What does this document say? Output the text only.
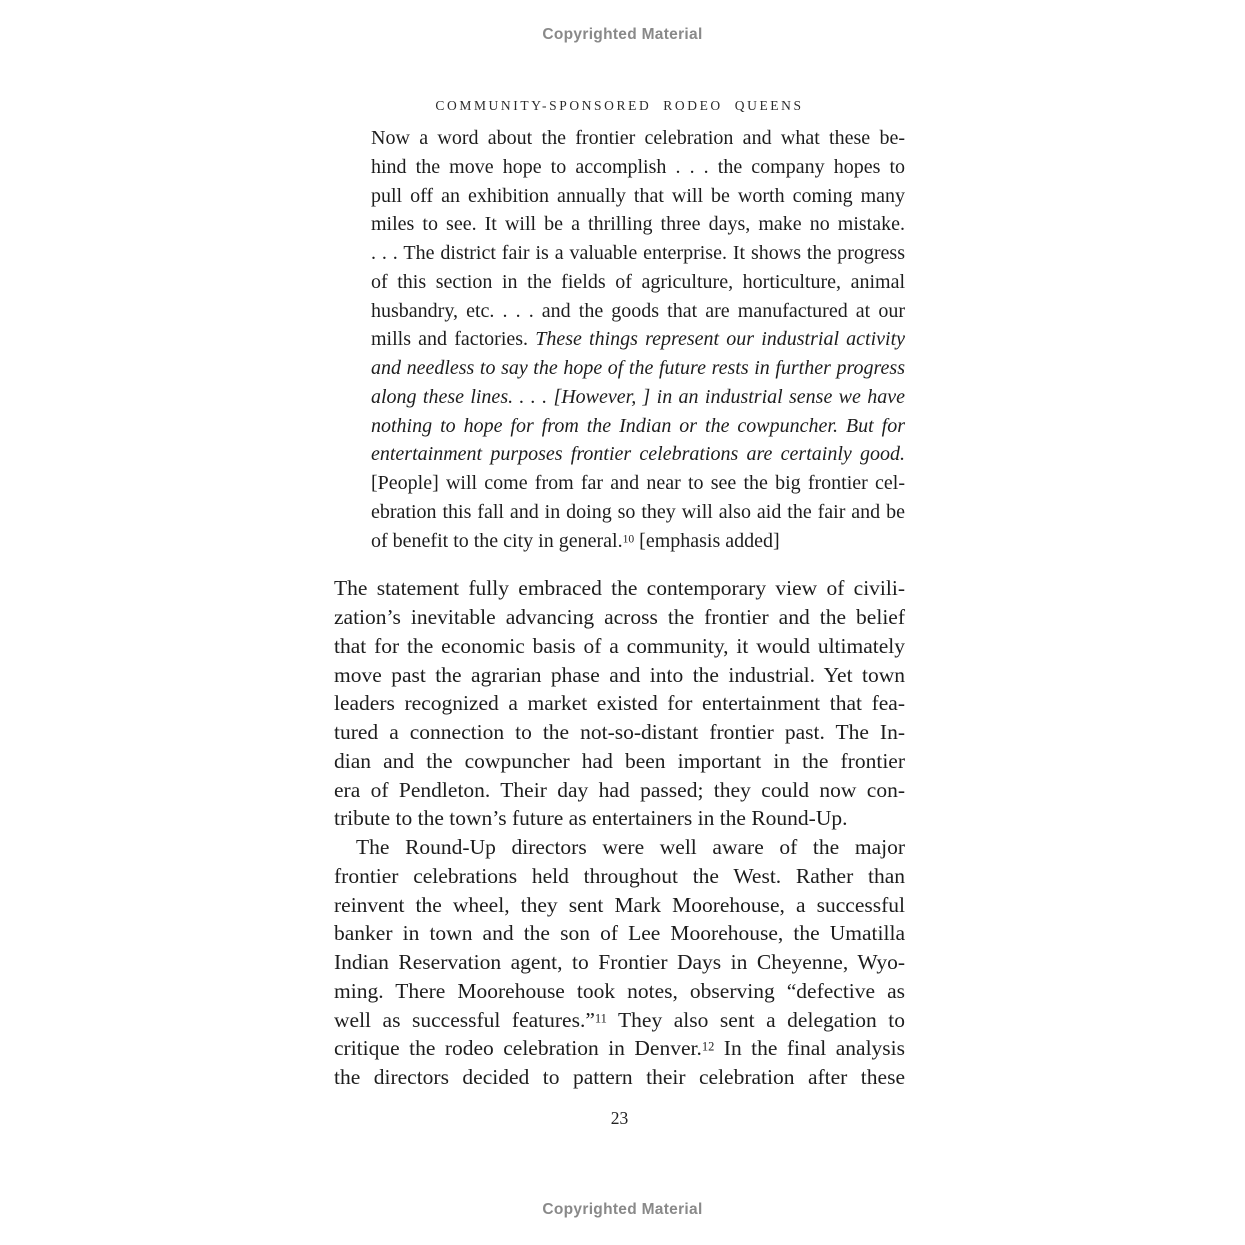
Copyrighted Material
COMMUNITY-SPONSORED RODEO QUEENS
Now a word about the frontier celebration and what these be-
hind the move hope to accomplish . . . the company hopes to
pull off an exhibition annually that will be worth coming many
miles to see. It will be a thrilling three days, make no mistake.
. . . The district fair is a valuable enterprise. It shows the progress
of this section in the fields of agriculture, horticulture, animal
husbandry, etc. . . . and the goods that are manufactured at our
mills and factories. These things represent our industrial activity
and needless to say the hope of the future rests in further progress
along these lines. . . . [However, ] in an industrial sense we have
nothing to hope for from the Indian or the cowpuncher. But for
entertainment purposes frontier celebrations are certainly good.
[People] will come from far and near to see the big frontier cel-
ebration this fall and in doing so they will also aid the fair and be
of benefit to the city in general.$^{10}$ [emphasis added]
The statement fully embraced the contemporary view of civili-
zation’s inevitable advancing across the frontier and the belief
that for the economic basis of a community, it would ultimately
move past the agrarian phase and into the industrial. Yet town
leaders recognized a market existed for entertainment that fea-
tured a connection to the not-so-distant frontier past. The In-
dian and the cowpuncher had been important in the frontier
era of Pendleton. Their day had passed; they could now con-
tribute to the town’s future as entertainers in the Round-Up.
The Round-Up directors were well aware of the major
frontier celebrations held throughout the West. Rather than
reinvent the wheel, they sent Mark Moorehouse, a successful
banker in town and the son of Lee Moorehouse, the Umatilla
Indian Reservation agent, to Frontier Days in Cheyenne, Wyo-
ming. There Moorehouse took notes, observing “defective as
well as successful features.”$^{11}$ They also sent a delegation to
critique the rodeo celebration in Denver.$^{12}$ In the final analysis
the directors decided to pattern their celebration after these
23
Copyrighted Material
